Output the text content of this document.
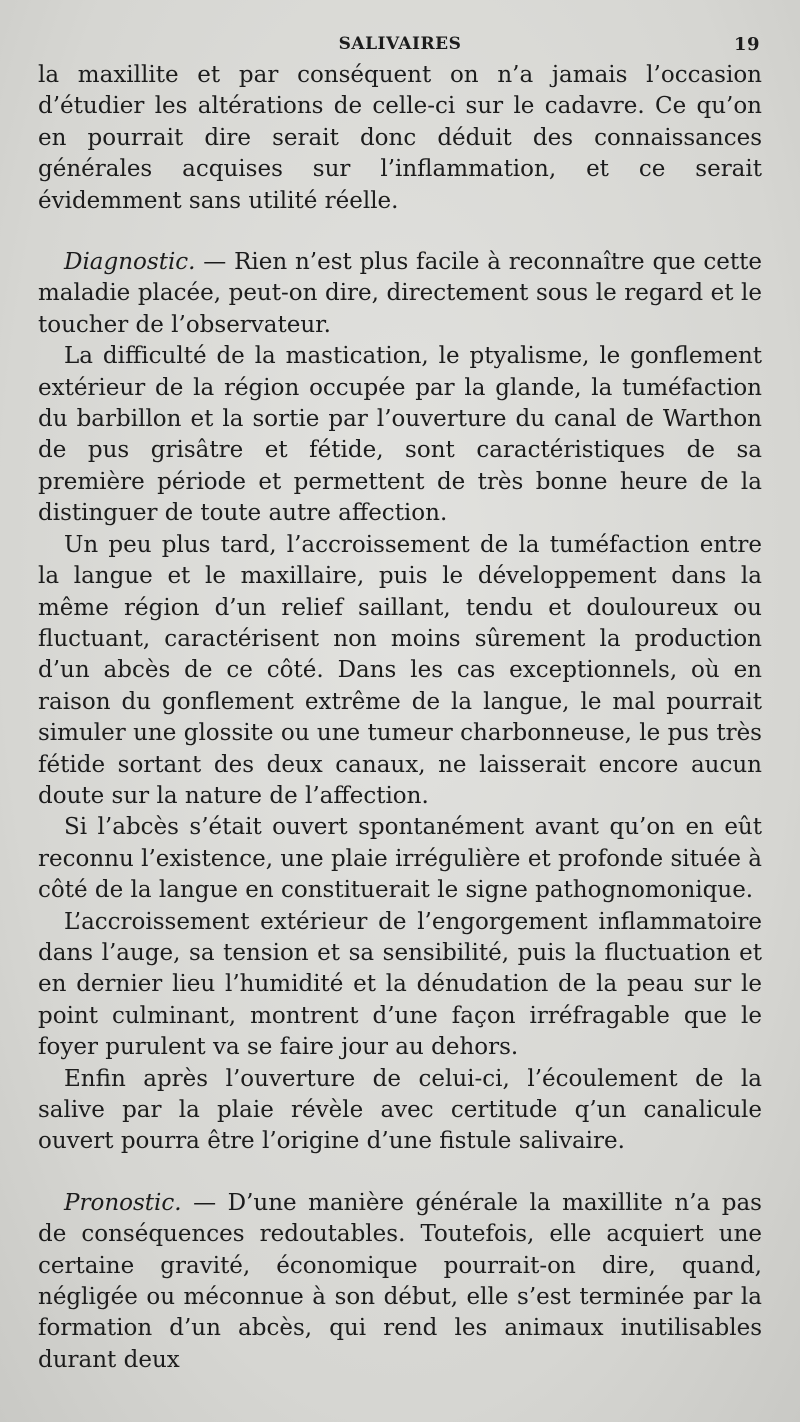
SALIVAIRES	19

la maxillite et par conséquent on n’a jamais l’occasion d’étudier les altérations de celle-ci sur le cadavre. Ce qu’on en pourrait dire serait donc déduit des connaissances générales acquises sur l’inflammation, et ce serait évidemment sans utilité réelle.

Diagnostic. — Rien n’est plus facile à reconnaître que cette maladie placée, peut-on dire, directement sous le regard et le toucher de l’observateur.

La difficulté de la mastication, le ptyalisme, le gonflement extérieur de la région occupée par la glande, la tuméfaction du barbillon et la sortie par l’ouverture du canal de Warthon de pus grisâtre et fétide, sont caractéristiques de sa première période et permettent de très bonne heure de la distinguer de toute autre affection.

Un peu plus tard, l’accroissement de la tuméfaction entre la langue et le maxillaire, puis le développement dans la même région d’un relief saillant, tendu et douloureux ou fluctuant, caractérisent non moins sûrement la production d’un abcès de ce côté. Dans les cas exceptionnels, où en raison du gonflement extrême de la langue, le mal pourrait simuler une glossite ou une tumeur charbonneuse, le pus très fétide sortant des deux canaux, ne laisserait encore aucun doute sur la nature de l’affection.

Si l’abcès s’était ouvert spontanément avant qu’on en eût reconnu l’existence, une plaie irrégulière et profonde située à côté de la langue en constituerait le signe pathognomonique.

L’accroissement extérieur de l’engorgement inflammatoire dans l’auge, sa tension et sa sensibilité, puis la fluctuation et en dernier lieu l’humidité et la dénudation de la peau sur le point culminant, montrent d’une façon irréfragable que le foyer purulent va se faire jour au dehors.

Enfin après l’ouverture de celui-ci, l’écoulement de la salive par la plaie révèle avec certitude q’un canalicule ouvert pourra être l’origine d’une fistule salivaire.

Pronostic. — D’une manière générale la maxillite n’a pas de conséquences redoutables. Toutefois, elle acquiert une certaine gravité, économique pourrait-on dire, quand, négligée ou méconnue à son début, elle s’est terminée par la formation d’un abcès, qui rend les animaux inutilisables durant deux
